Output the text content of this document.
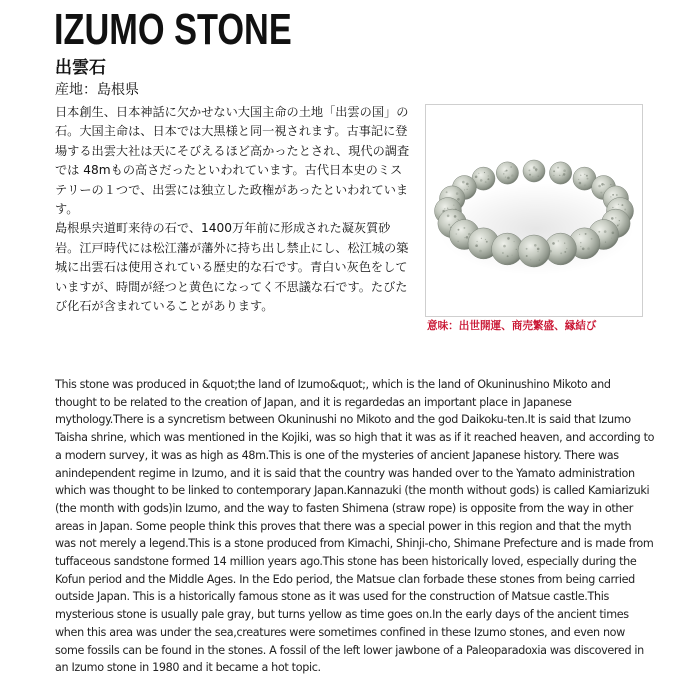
IZUMO STONE
出雲石
産地：島根県

日本創生、日本神話に欠かせない大国主命の土地「出雲の国」の石。大国主命は、日本では大黒様と同一視されます。古事記に登場する出雲大社は天にそびえるほど高かったとされ、現代の調査では 48mもの高さだったといわれています。古代日本史のミステリーの１つで、出雲には独立した政権があったといわれています。

島根県宍道町来待の石で、1400万年前に形成された凝灰質砂岩。江戸時代には松江藩が藩外に持ち出し禁止にし、松江城の築城に出雲石は使用されている歴史的な石です。青白い灰色をしていますが、時間が経つと黄色になってく不思議な石です。たびたび化石が含まれていることがあります。

意味：出世開運、商売繁盛、縁結び
This stone was produced in &quot;the land of Izumo&quot;, which is the land of Okuninushino Mikoto and thought to be related to the creation of Japan, and it is regardedas an important place in Japanese mythology.There is a syncretism between Okuninushi no Mikoto and the god Daikoku-ten.It is said that Izumo Taisha shrine, which was mentioned in the Kojiki, was so high that it was as if it reached heaven, and according to a modern survey, it was as high as 48m.This is one of the mysteries of ancient Japanese history. There was anindependent regime in Izumo, and it is said that the country was handed over to the Yamato administration which was thought to be linked to contemporary Japan.Kannazuki (the month without gods) is called Kamiarizuki (the month with gods)in Izumo, and the way to fasten Shimena (straw rope) is opposite from the way in other areas in Japan. Some people think this proves that there was a special power in this region and that the myth was not merely a legend.This is a stone produced from Kimachi, Shinji-cho, Shimane Prefecture and is made from tuffaceous sandstone formed 14 million years ago.This stone has been historically loved, especially during the Kofun period and the Middle Ages. In the Edo period, the Matsue clan forbade these stones from being carried outside Japan. This is a historically famous stone as it was used for the construction of Matsue castle.This mysterious stone is usually pale gray, but turns yellow as time goes on.In the early days of the ancient times when this area was under the sea,creatures were sometimes confined in these Izumo stones, and even now some fossils can be found in the stones. A fossil of the left lower jawbone of a Paleoparadoxia was discovered in an Izumo stone in 1980 and it became a hot topic.
